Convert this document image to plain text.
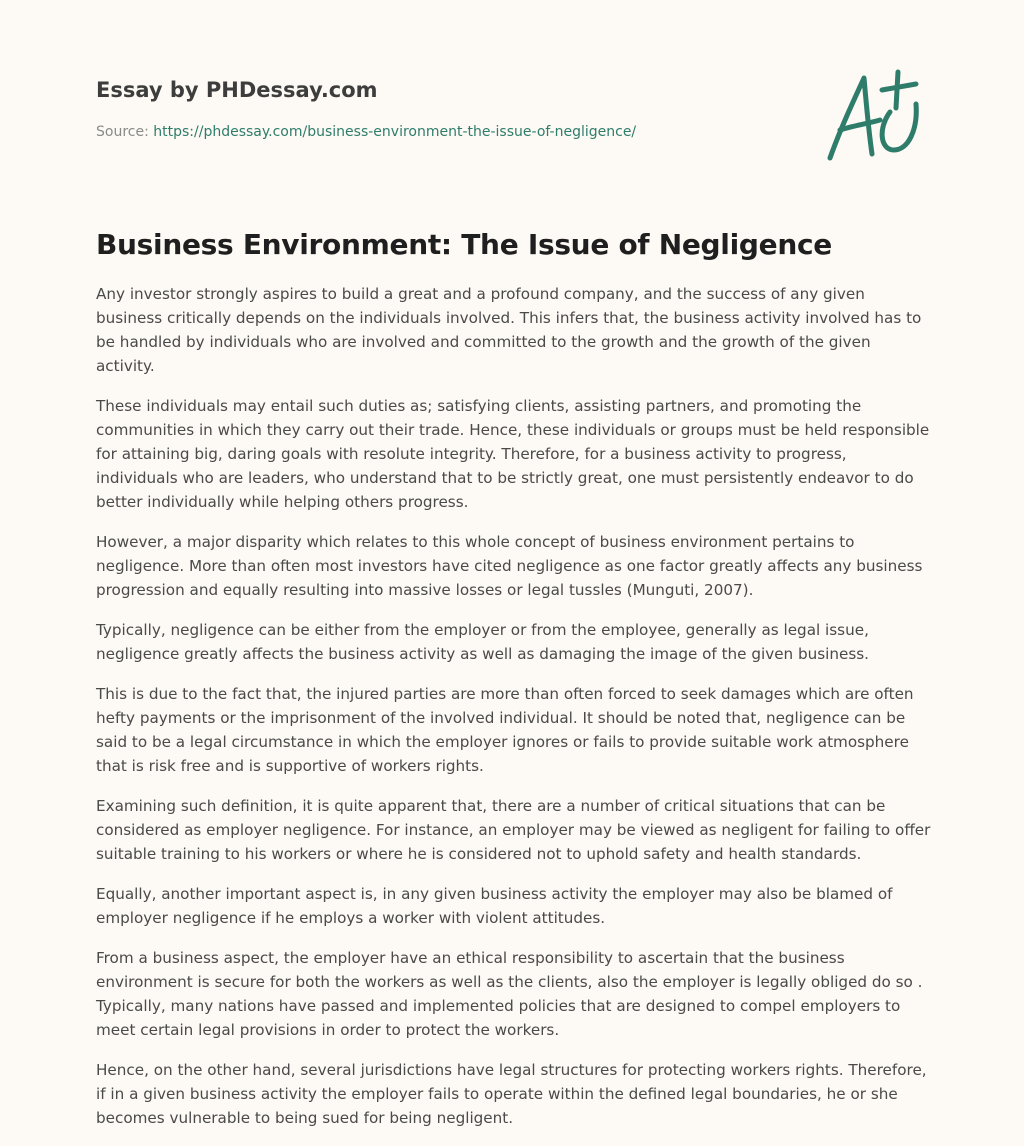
Essay by PHDessay.com
Source: https://phdessay.com/business-environment-the-issue-of-negligence/
Business Environment: The Issue of Negligence

Any investor strongly aspires to build a great and a profound company, and the success of any given business critically depends on the individuals involved. This infers that, the business activity involved has to be handled by individuals who are involved and committed to the growth and the growth of the given activity.

These individuals may entail such duties as; satisfying clients, assisting partners, and promoting the communities in which they carry out their trade. Hence, these individuals or groups must be held responsible for attaining big, daring goals with resolute integrity. Therefore, for a business activity to progress, individuals who are leaders, who understand that to be strictly great, one must persistently endeavor to do better individually while helping others progress.

However, a major disparity which relates to this whole concept of business environment pertains to negligence. More than often most investors have cited negligence as one factor greatly affects any business progression and equally resulting into massive losses or legal tussles (Munguti, 2007).

Typically, negligence can be either from the employer or from the employee, generally as legal issue, negligence greatly affects the business activity as well as damaging the image of the given business.

This is due to the fact that, the injured parties are more than often forced to seek damages which are often hefty payments or the imprisonment of the involved individual. It should be noted that, negligence can be said to be a legal circumstance in which the employer ignores or fails to provide suitable work atmosphere that is risk free and is supportive of workers rights.

Examining such definition, it is quite apparent that, there are a number of critical situations that can be considered as employer negligence. For instance, an employer may be viewed as negligent for failing to offer suitable training to his workers or where he is considered not to uphold safety and health standards.

Equally, another important aspect is, in any given business activity the employer may also be blamed of employer negligence if he employs a worker with violent attitudes.

From a business aspect, the employer have an ethical responsibility to ascertain that the business environment is secure for both the workers as well as the clients, also the employer is legally obliged do so . Typically, many nations have passed and implemented policies that are designed to compel employers to meet certain legal provisions in order to protect the workers.

Hence, on the other hand, several jurisdictions have legal structures for protecting workers rights. Therefore, if in a given business activity the employer fails to operate within the defined legal boundaries, he or she becomes vulnerable to being sued for being negligent.
